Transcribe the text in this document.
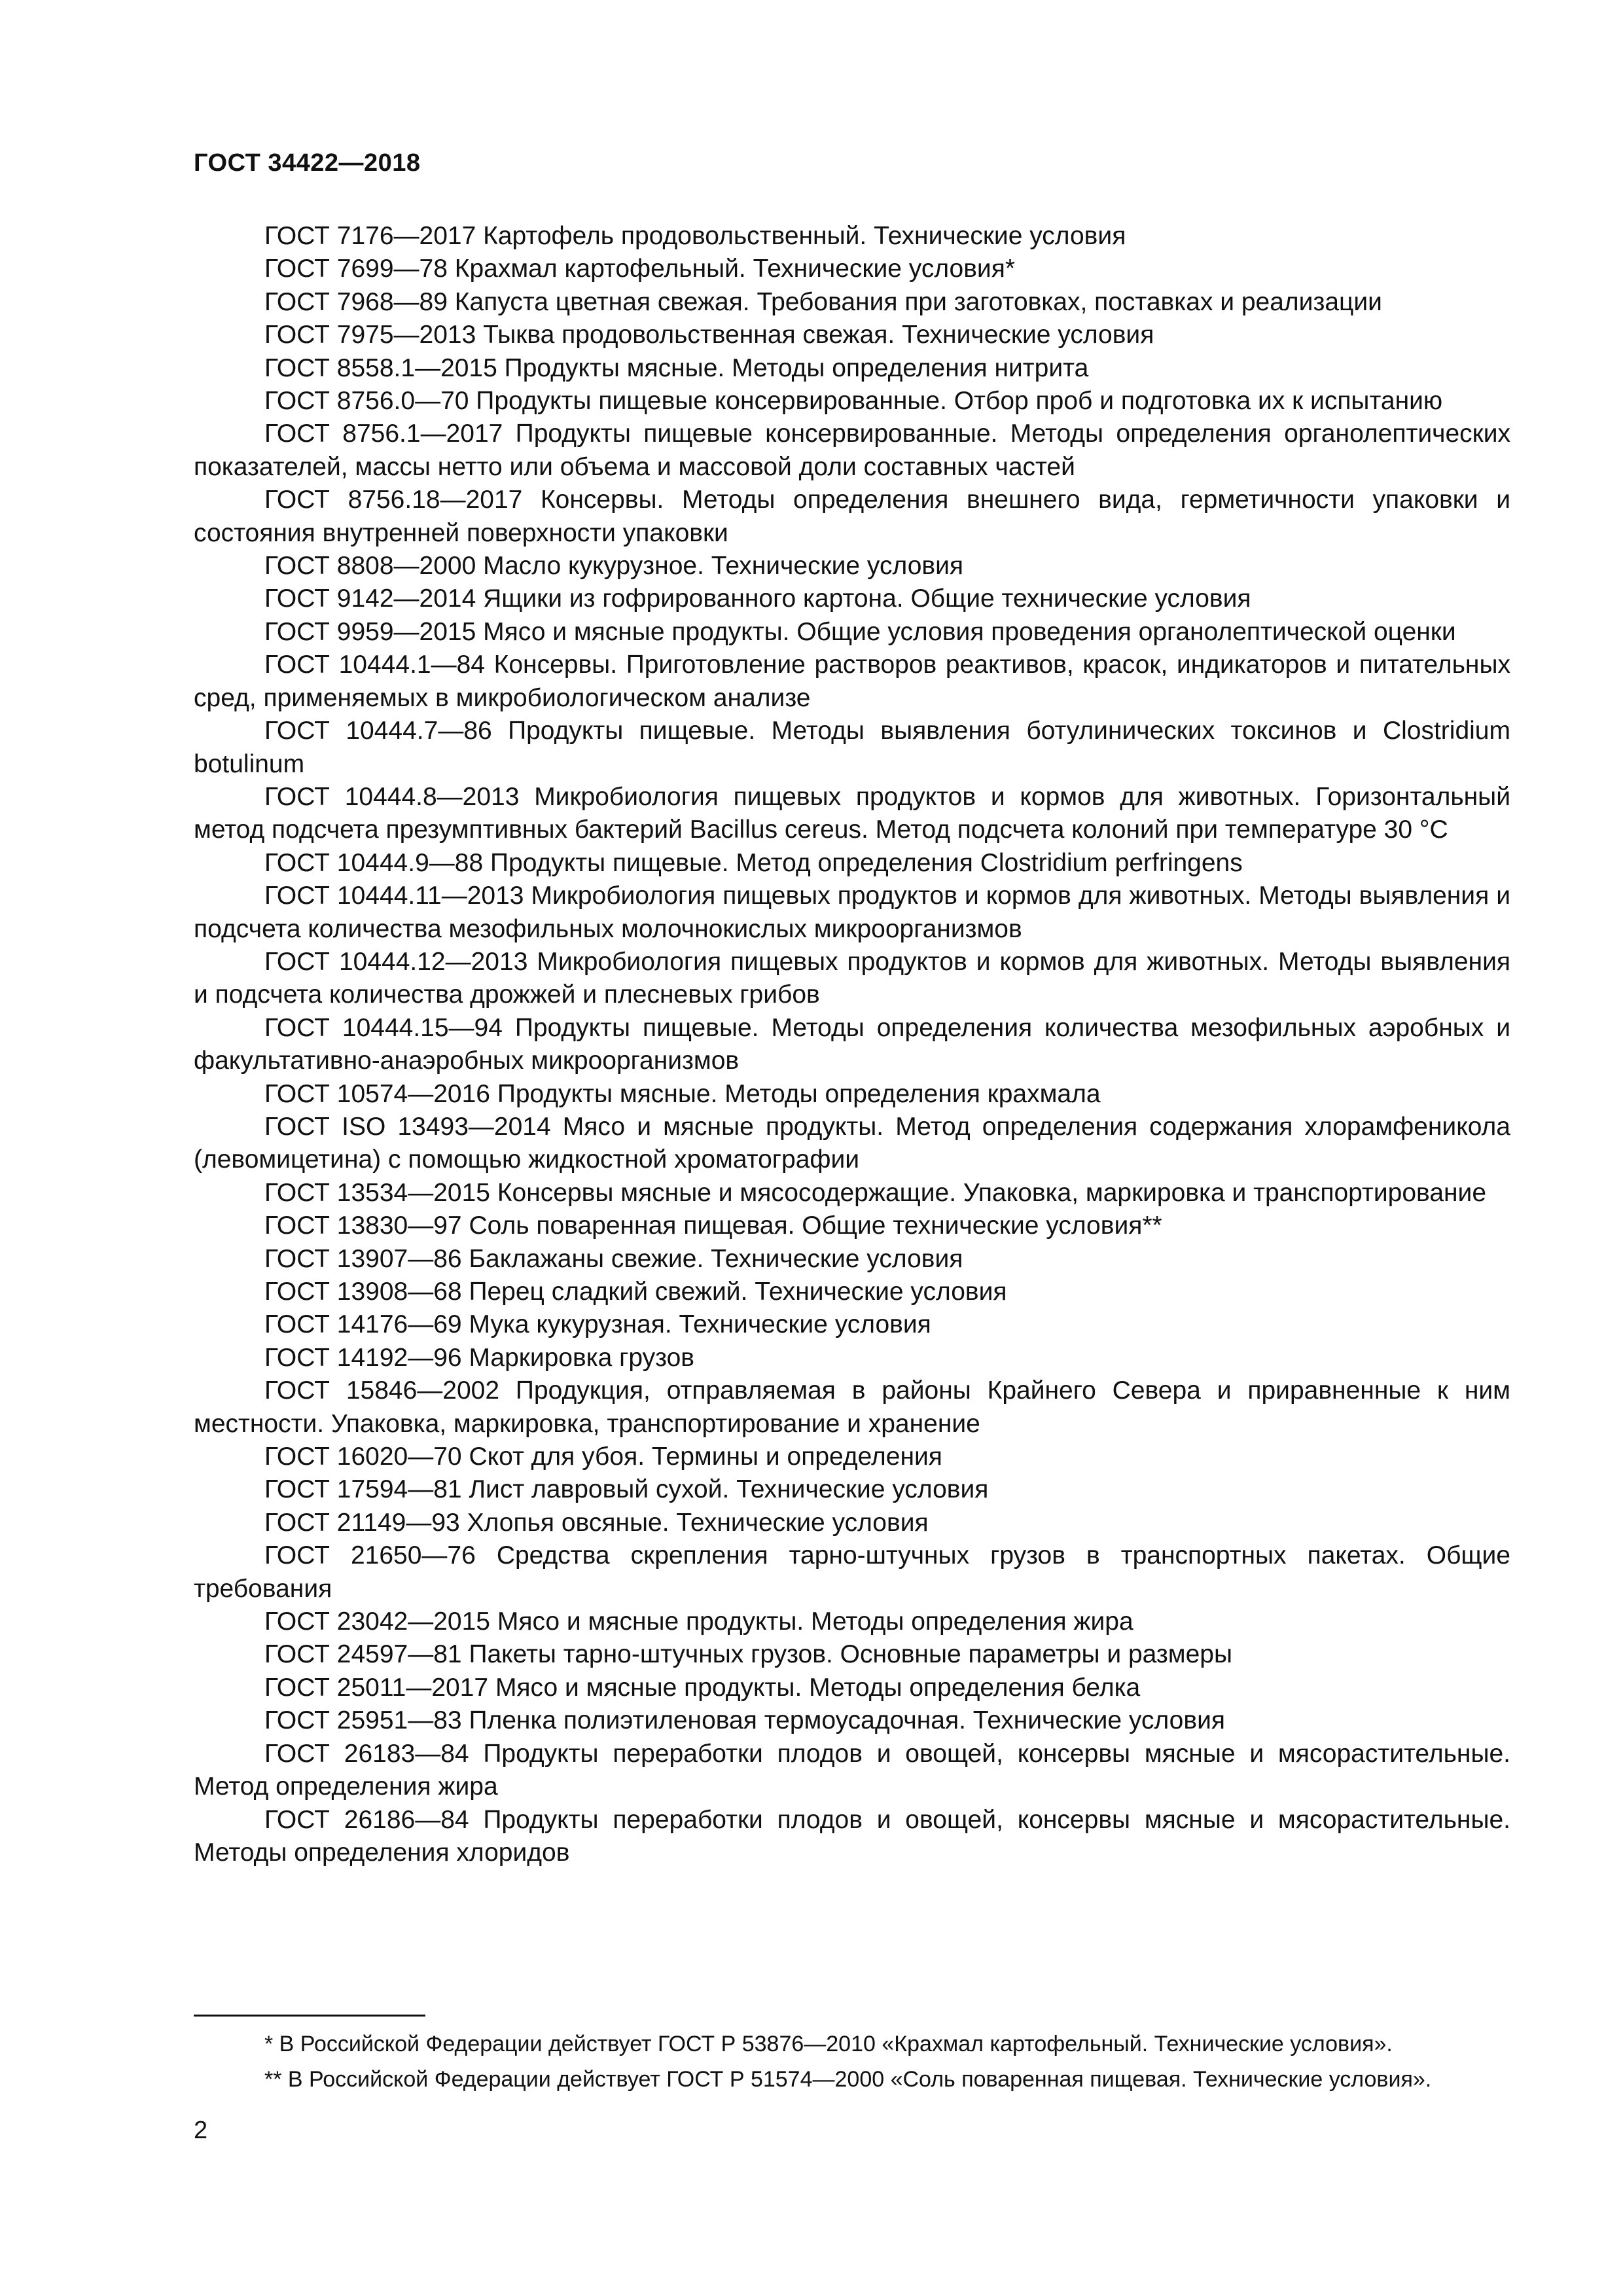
ГОСТ 34422—2018

ГОСТ 7176—2017 Картофель продовольственный. Технические условия

ГОСТ 7699—78 Крахмал картофельный. Технические условия*

ГОСТ 7968—89 Капуста цветная свежая. Требования при заготовках, поставках и реализации

ГОСТ 7975—2013 Тыква продовольственная свежая. Технические условия

ГОСТ 8558.1—2015 Продукты мясные. Методы определения нитрита

ГОСТ 8756.0—70 Продукты пищевые консервированные. Отбор проб и подготовка их к испытанию

ГОСТ 8756.1—2017 Продукты пищевые консервированные. Методы определения органолептических показателей, массы нетто или объема и массовой доли составных частей

ГОСТ 8756.18—2017 Консервы. Методы определения внешнего вида, герметичности упаковки и состояния внутренней поверхности упаковки

ГОСТ 8808—2000 Масло кукурузное. Технические условия

ГОСТ 9142—2014 Ящики из гофрированного картона. Общие технические условия

ГОСТ 9959—2015 Мясо и мясные продукты. Общие условия проведения органолептической оценки

ГОСТ 10444.1—84 Консервы. Приготовление растворов реактивов, красок, индикаторов и питательных сред, применяемых в микробиологическом анализе

ГОСТ 10444.7—86 Продукты пищевые. Методы выявления ботулинических токсинов и Clostridium botulinum

ГОСТ 10444.8—2013 Микробиология пищевых продуктов и кормов для животных. Горизонтальный метод подсчета презумптивных бактерий Bacillus cereus. Метод подсчета колоний при температуре 30 °С

ГОСТ 10444.9—88 Продукты пищевые. Метод определения Clostridium perfringens

ГОСТ 10444.11—2013 Микробиология пищевых продуктов и кормов для животных. Методы выявления и подсчета количества мезофильных молочнокислых микроорганизмов

ГОСТ 10444.12—2013 Микробиология пищевых продуктов и кормов для животных. Методы выявления и подсчета количества дрожжей и плесневых грибов

ГОСТ 10444.15—94 Продукты пищевые. Методы определения количества мезофильных аэробных и факультативно-анаэробных микроорганизмов

ГОСТ 10574—2016 Продукты мясные. Методы определения крахмала

ГОСТ ISO 13493—2014 Мясо и мясные продукты. Метод определения содержания хлорамфеникола (левомицетина) с помощью жидкостной хроматографии

ГОСТ 13534—2015 Консервы мясные и мясосодержащие. Упаковка, маркировка и транспортирование

ГОСТ 13830—97 Соль поваренная пищевая. Общие технические условия**

ГОСТ 13907—86 Баклажаны свежие. Технические условия

ГОСТ 13908—68 Перец сладкий свежий. Технические условия

ГОСТ 14176—69 Мука кукурузная. Технические условия

ГОСТ 14192—96 Маркировка грузов

ГОСТ 15846—2002 Продукция, отправляемая в районы Крайнего Севера и приравненные к ним местности. Упаковка, маркировка, транспортирование и хранение

ГОСТ 16020—70 Скот для убоя. Термины и определения

ГОСТ 17594—81 Лист лавровый сухой. Технические условия

ГОСТ 21149—93 Хлопья овсяные. Технические условия

ГОСТ 21650—76 Средства скрепления тарно-штучных грузов в транспортных пакетах. Общие требования

ГОСТ 23042—2015 Мясо и мясные продукты. Методы определения жира

ГОСТ 24597—81 Пакеты тарно-штучных грузов. Основные параметры и размеры

ГОСТ 25011—2017 Мясо и мясные продукты. Методы определения белка

ГОСТ 25951—83 Пленка полиэтиленовая термоусадочная. Технические условия

ГОСТ 26183—84 Продукты переработки плодов и овощей, консервы мясные и мясорастительные. Метод определения жира

ГОСТ 26186—84 Продукты переработки плодов и овощей, консервы мясные и мясорастительные. Методы определения хлоридов

* В Российской Федерации действует ГОСТ Р 53876—2010 «Крахмал картофельный. Технические условия».

** В Российской Федерации действует ГОСТ Р 51574—2000 «Соль поваренная пищевая. Технические условия».

2
